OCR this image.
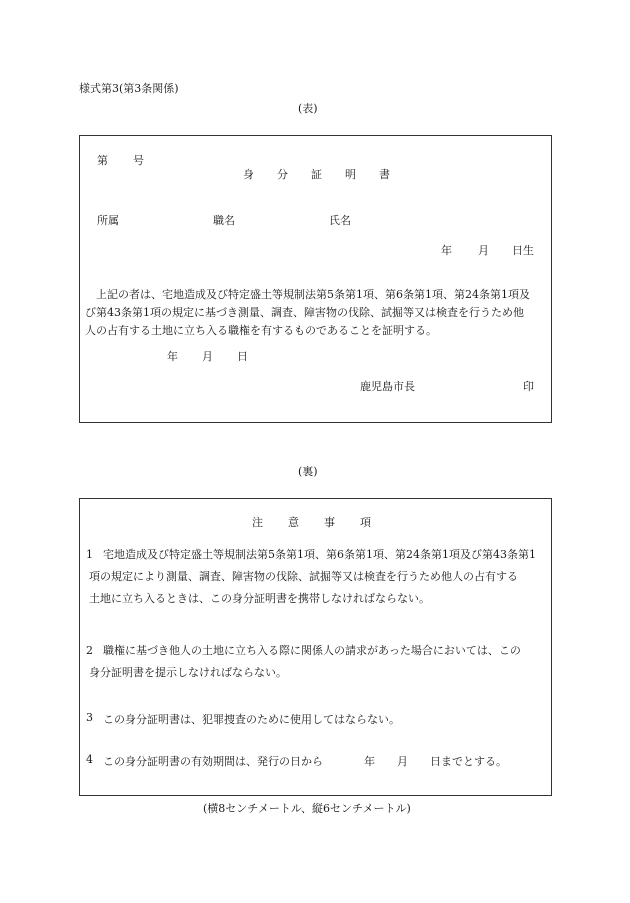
様式第3(第3条関係)
(表)
第 号
身 分 証 明 書
所属	職名	氏名
年 月 日生
上記の者は、宅地造成及び特定盛土等規制法第5条第1項、第6条第1項、第24条第1項及
び第43条第1項の規定に基づき測量、調査、障害物の伐除、試掘等又は検査を行うため他
人の占有する土地に立ち入る職権を有するものであることを証明する。
年 月 日
鹿児島市長	印
(裏)
注 意 事 項
1 宅地造成及び特定盛土等規制法第5条第1項、第6条第1項、第24条第1項及び第43条第1
項の規定により測量、調査、障害物の伐除、試掘等又は検査を行うため他人の占有する
土地に立ち入るときは、この身分証明書を携帯しなければならない。
2 職権に基づき他人の土地に立ち入る際に関係人の請求があった場合においては、この
身分証明書を提示しなければならない。
3 この身分証明書は、犯罪捜査のために使用してはならない。
4 この身分証明書の有効期間は、発行の日から	年 月 日までとする。
(横8センチメートル、縦6センチメートル)
